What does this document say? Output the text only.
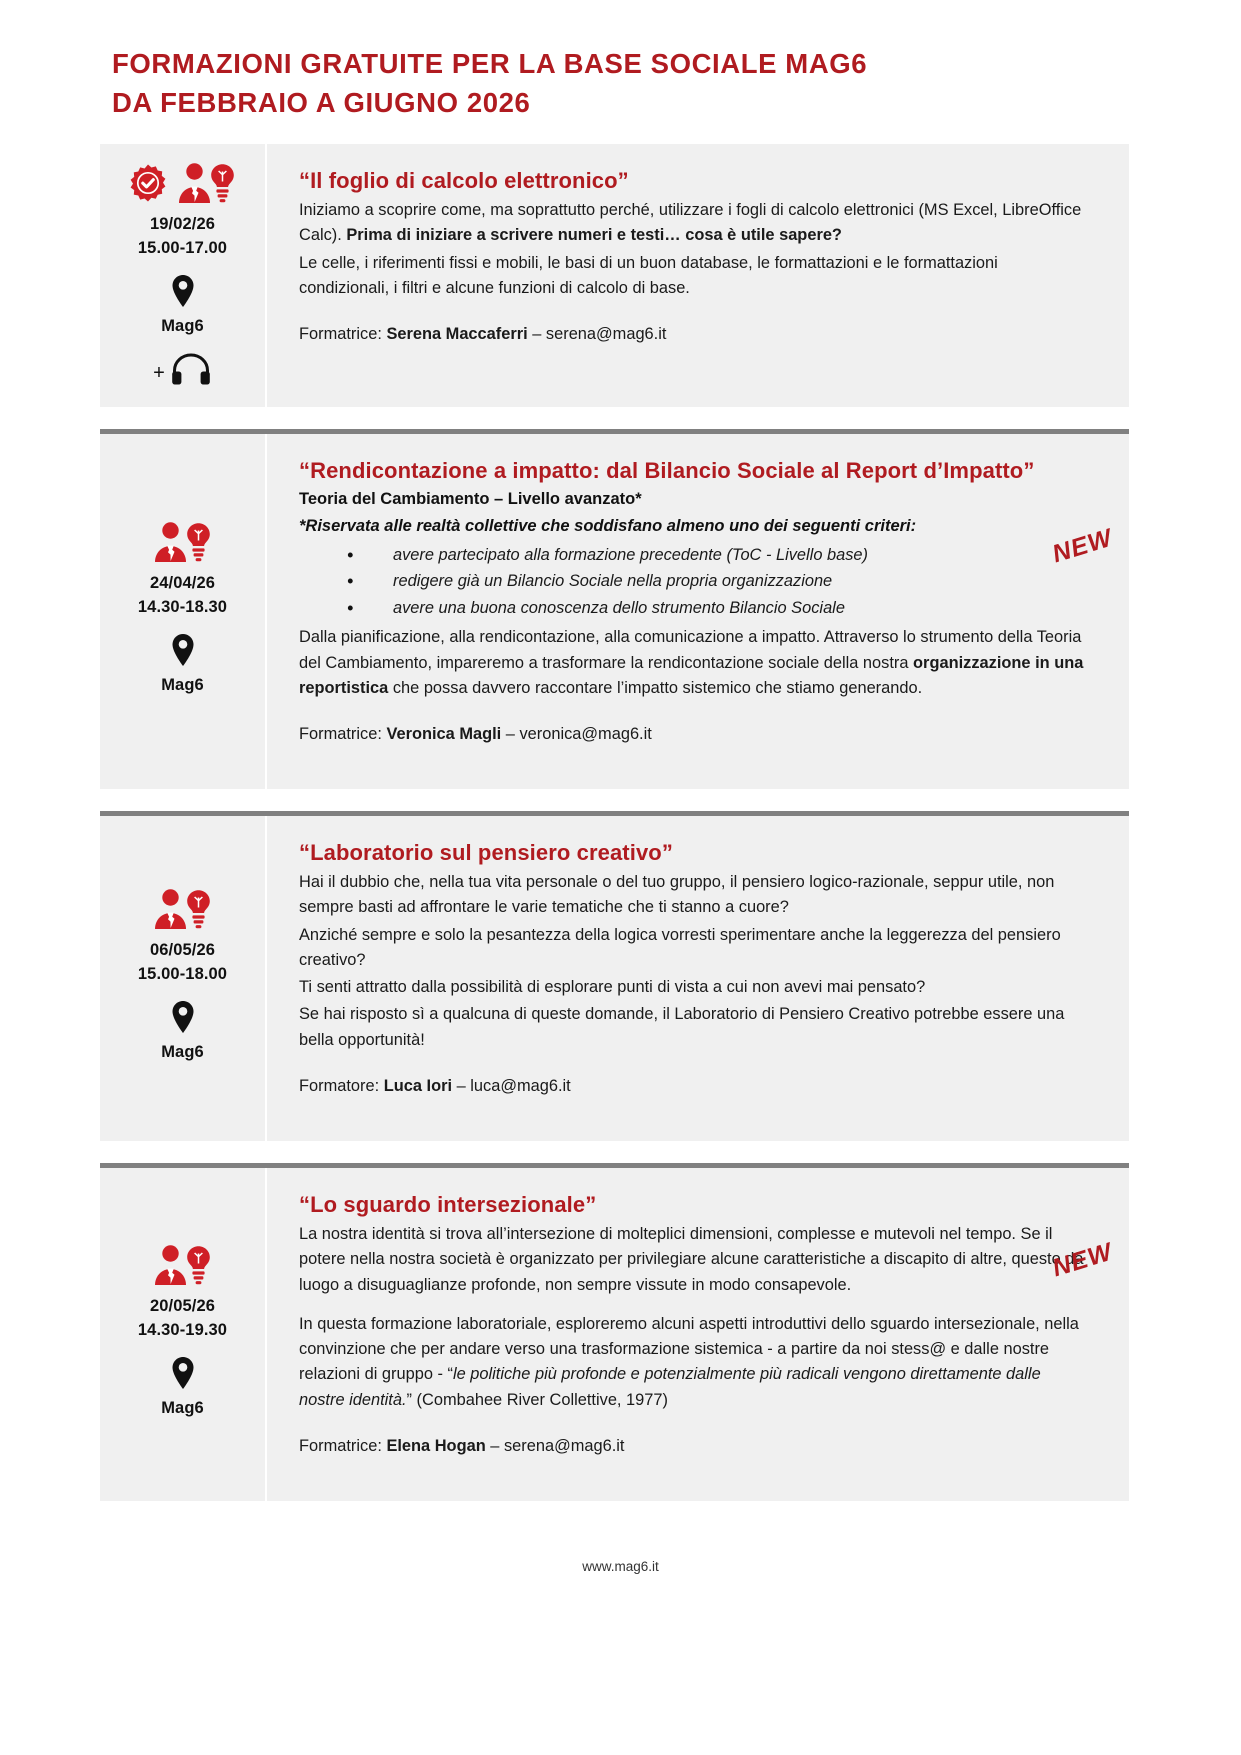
FORMAZIONI GRATUITE PER LA BASE SOCIALE MAG6
DA FEBBRAIO A GIUGNO 2026
19/02/26
15.00-17.00
Mag6
+
“Il foglio di calcolo elettronico”

Iniziamo a scoprire come, ma soprattutto perché, utilizzare i fogli di calcolo elettronici (MS Excel, LibreOffice Calc). Prima di iniziare a scrivere numeri e testi… cosa è utile sapere?

Le celle, i riferimenti fissi e mobili, le basi di un buon database, le formattazioni e le formattazioni condizionali, i filtri e alcune funzioni di calcolo di base.

Formatrice: Serena Maccaferri – serena@mag6.it

NEW
24/04/26
14.30-18.30
Mag6
“Rendicontazione a impatto: dal Bilancio Sociale al Report d’Impatto”
Teoria del Cambiamento – Livello avanzato*
*Riservata alle realtà collettive che soddisfano almeno uno dei seguenti criteri:
• avere partecipato alla formazione precedente (ToC - Livello base)
• redigere già un Bilancio Sociale nella propria organizzazione
• avere una buona conoscenza dello strumento Bilancio Sociale

Dalla pianificazione, alla rendicontazione, alla comunicazione a impatto. Attraverso lo strumento della Teoria del Cambiamento, impareremo a trasformare la rendicontazione sociale della nostra organizzazione in una reportistica che possa davvero raccontare l’impatto sistemico che stiamo generando.

Formatrice: Veronica Magli – veronica@mag6.it

06/05/26
15.00-18.00
Mag6
“Laboratorio sul pensiero creativo”

Hai il dubbio che, nella tua vita personale o del tuo gruppo, il pensiero logico-razionale, seppur utile, non sempre basti ad affrontare le varie tematiche che ti stanno a cuore?

Anziché sempre e solo la pesantezza della logica vorresti sperimentare anche la leggerezza del pensiero creativo?

Ti senti attratto dalla possibilità di esplorare punti di vista a cui non avevi mai pensato?

Se hai risposto sì a qualcuna di queste domande, il Laboratorio di Pensiero Creativo potrebbe essere una bella opportunità!

Formatore: Luca Iori – luca@mag6.it

NEW
20/05/26
14.30-19.30
Mag6
“Lo sguardo intersezionale”

La nostra identità si trova all’intersezione di molteplici dimensioni, complesse e mutevoli nel tempo. Se il potere nella nostra società è organizzato per privilegiare alcune caratteristiche a discapito di altre, questo dà luogo a disuguaglianze profonde, non sempre vissute in modo consapevole.

In questa formazione laboratoriale, esploreremo alcuni aspetti introduttivi dello sguardo intersezionale, nella convinzione che per andare verso una trasformazione sistemica - a partire da noi stess@ e dalle nostre relazioni di gruppo - “le politiche più profonde e potenzialmente più radicali vengono direttamente dalle nostre identità.” (Combahee River Collettive, 1977)

Formatrice: Elena Hogan – serena@mag6.it

www.mag6.it
